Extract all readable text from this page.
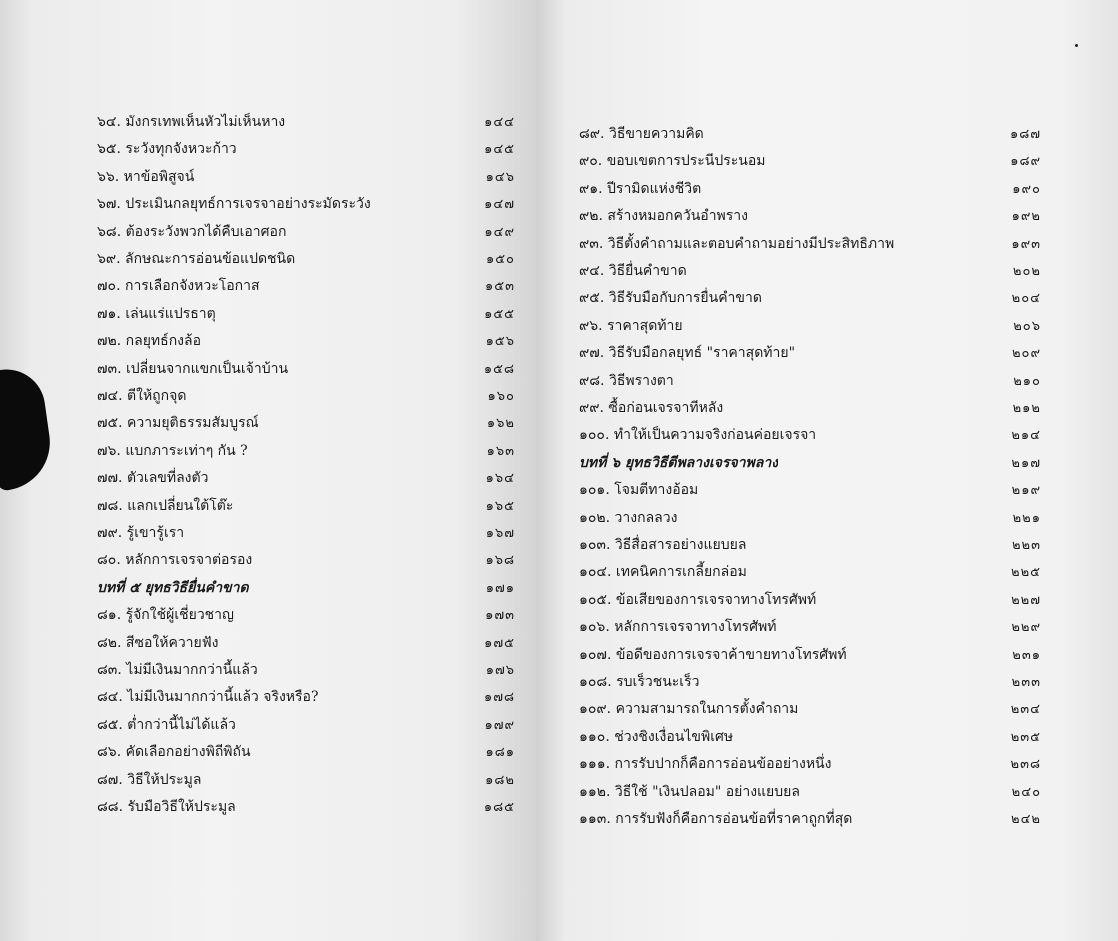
๖๔. มังกรเทพเห็นหัวไม่เห็นหาง	๑๔๔
๖๕. ระวังทุกจังหวะก้าว	๑๔๕
๖๖. หาข้อพิสูจน์	๑๔๖
๖๗. ประเมินกลยุทธ์การเจรจาอย่างระมัดระวัง	๑๔๗
๖๘. ต้องระวังพวกได้คืบเอาศอก	๑๔๙
๖๙. ลักษณะการอ่อนข้อแปดชนิด	๑๕๐
๗๐. การเลือกจังหวะโอกาส	๑๕๓
๗๑. เล่นแร่แปรธาตุ	๑๕๕
๗๒. กลยุทธ์กงล้อ	๑๕๖
๗๓. เปลี่ยนจากแขกเป็นเจ้าบ้าน	๑๕๘
๗๔. ตีให้ถูกจุด	๑๖๐
๗๕. ความยุติธรรมสัมบูรณ์	๑๖๒
๗๖. แบกภาระเท่าๆ กัน ?	๑๖๓
๗๗. ตัวเลขที่ลงตัว	๑๖๔
๗๘. แลกเปลี่ยนใต้โต๊ะ	๑๖๕
๗๙. รู้เขารู้เรา	๑๖๗
๘๐. หลักการเจรจาต่อรอง	๑๖๘
บทที่ ๕ ยุทธวิธียื่นคำขาด	๑๗๑
๘๑. รู้จักใช้ผู้เชี่ยวชาญ	๑๗๓
๘๒. สีซอให้ควายฟัง	๑๗๕
๘๓. ไม่มีเงินมากกว่านี้แล้ว	๑๗๖
๘๔. ไม่มีเงินมากกว่านี้แล้ว จริงหรือ?	๑๗๘
๘๕. ต่ำกว่านี้ไม่ได้แล้ว	๑๗๙
๘๖. คัดเลือกอย่างพิถีพิถัน	๑๘๑
๘๗. วิธีให้ประมูล	๑๘๒
๘๘. รับมือวิธีให้ประมูล	๑๘๕
๘๙. วิธีขายความคิด	๑๘๗
๙๐. ขอบเขตการประนีประนอม	๑๘๙
๙๑. ปีรามิดแห่งชีวิต	๑๙๐
๙๒. สร้างหมอกควันอำพราง	๑๙๒
๙๓. วิธีตั้งคำถามและตอบคำถามอย่างมีประสิทธิภาพ	๑๙๓
๙๔. วิธียื่นคำขาด	๒๐๒
๙๕. วิธีรับมือกับการยื่นคำขาด	๒๐๔
๙๖. ราคาสุดท้าย	๒๐๖
๙๗. วิธีรับมือกลยุทธ์ "ราคาสุดท้าย"	๒๐๙
๙๘. วิธีพรางตา	๒๑๐
๙๙. ซื้อก่อนเจรจาทีหลัง	๒๑๒
๑๐๐. ทำให้เป็นความจริงก่อนค่อยเจรจา	๒๑๔
บทที่ ๖ ยุทธวิธีตีพลางเจรจาพลาง	๒๑๗
๑๐๑. โจมตีทางอ้อม	๒๑๙
๑๐๒. วางกลลวง	๒๒๑
๑๐๓. วิธีสื่อสารอย่างแยบยล	๒๒๓
๑๐๔. เทคนิคการเกลี้ยกล่อม	๒๒๕
๑๐๕. ข้อเสียของการเจรจาทางโทรศัพท์	๒๒๗
๑๐๖. หลักการเจรจาทางโทรศัพท์	๒๒๙
๑๐๗. ข้อดีของการเจรจาค้าขายทางโทรศัพท์	๒๓๑
๑๐๘. รบเร็วชนะเร็ว	๒๓๓
๑๐๙. ความสามารถในการตั้งคำถาม	๒๓๔
๑๑๐. ช่วงชิงเงื่อนไขพิเศษ	๒๓๕
๑๑๑. การรับปากก็คือการอ่อนข้ออย่างหนึ่ง	๒๓๘
๑๑๒. วิธีใช้ "เงินปลอม" อย่างแยบยล	๒๔๐
๑๑๓. การรับฟังก็คือการอ่อนข้อที่ราคาถูกที่สุด	๒๔๒
